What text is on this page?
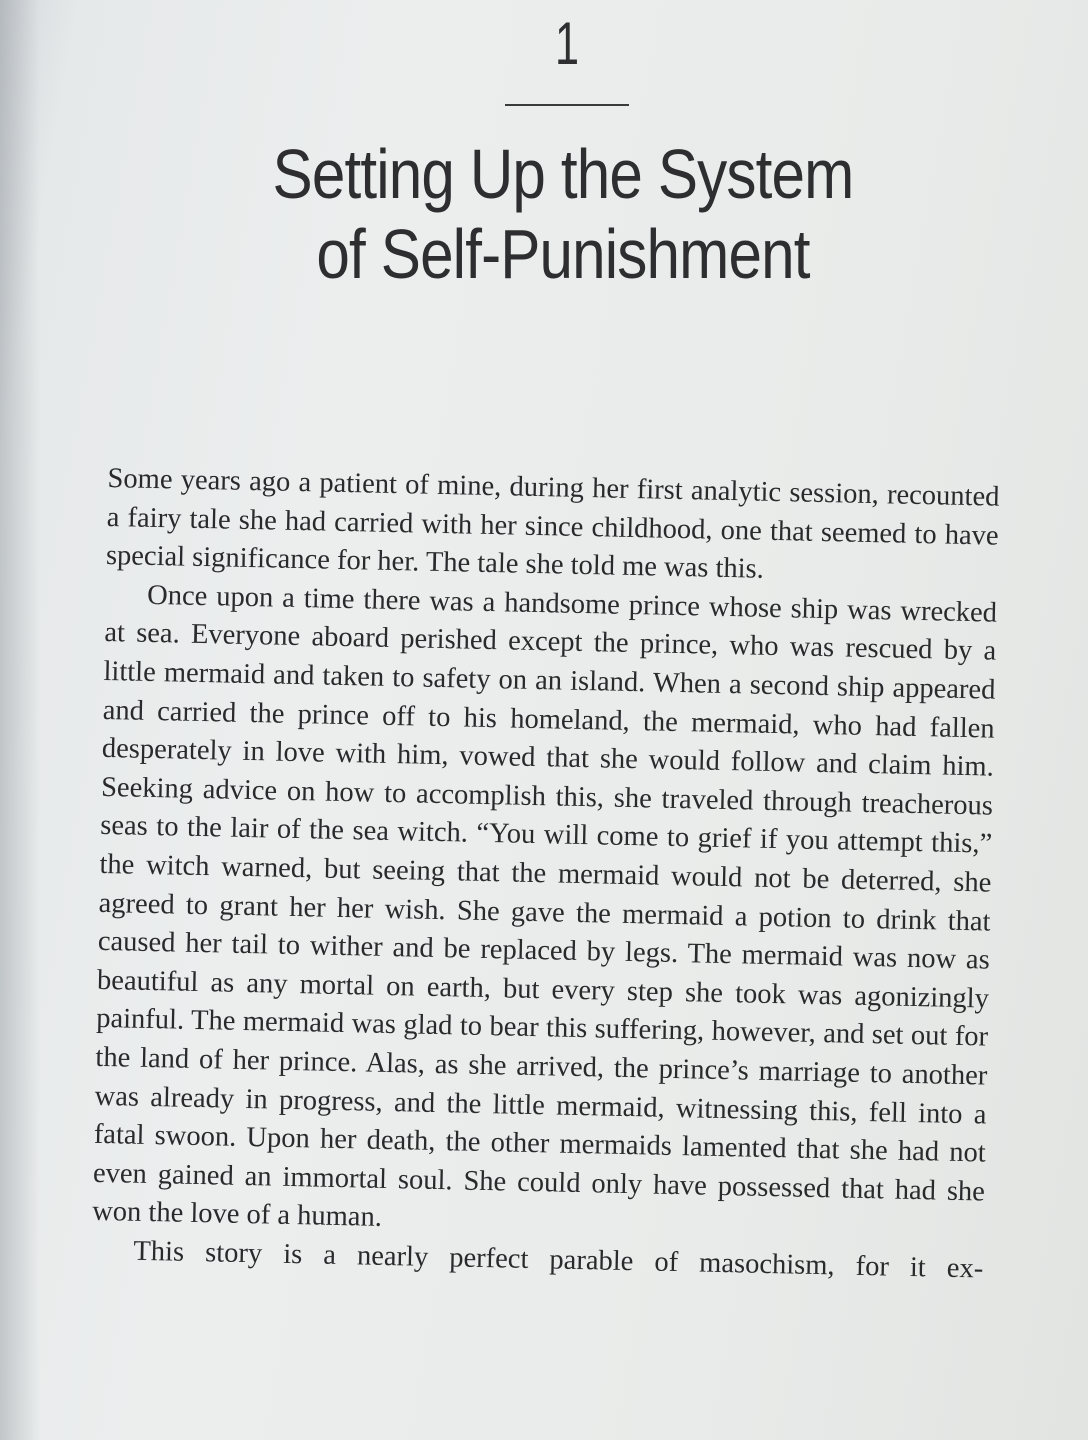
1
Setting Up the System
of Self-Punishment

Some years ago a patient of mine, during her first analytic session, recounted a fairy tale she had carried with her since childhood, one that seemed to have special significance for her. The tale she told me was this.

Once upon a time there was a handsome prince whose ship was wrecked at sea. Everyone aboard perished except the prince, who was rescued by a little mermaid and taken to safety on an island. When a second ship appeared and carried the prince off to his homeland, the mermaid, who had fallen desperately in love with him, vowed that she would follow and claim him. Seeking advice on how to accomplish this, she traveled through treacherous seas to the lair of the sea witch. “You will come to grief if you attempt this,” the witch warned, but seeing that the mermaid would not be deterred, she agreed to grant her her wish. She gave the mermaid a potion to drink that caused her tail to wither and be replaced by legs. The mermaid was now as beautiful as any mortal on earth, but every step she took was agonizingly painful. The mermaid was glad to bear this suffering, however, and set out for the land of her prince. Alas, as she arrived, the prince’s marriage to another was already in progress, and the little mermaid, witnessing this, fell into a fatal swoon. Upon her death, the other mermaids lamented that she had not even gained an immortal soul. She could only have possessed that had she won the love of a human.

This story is a nearly perfect parable of masochism, for it ex-
